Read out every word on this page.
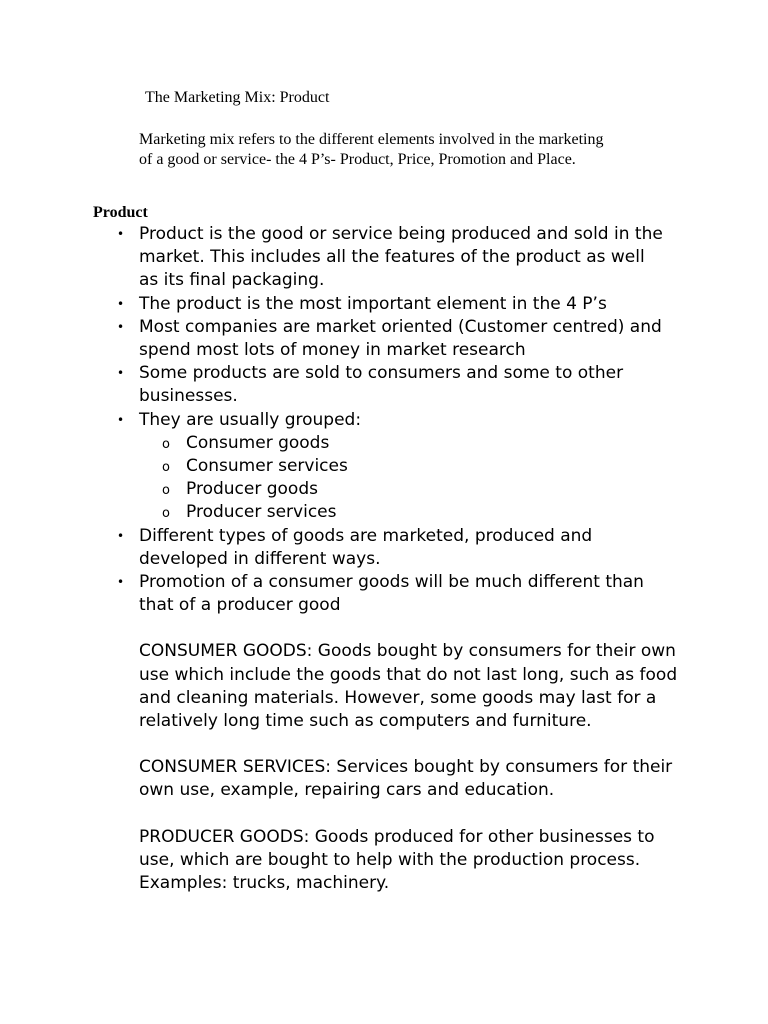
The Marketing Mix: Product
Marketing mix refers to the different elements involved in the marketing
of a good or service- the 4 P’s- Product, Price, Promotion and Place.
Product
• Product is the good or service being produced and sold in the market. This includes all the features of the product as well as its final packaging.
• The product is the most important element in the 4 P’s
• Most companies are market oriented (Customer centred) and spend most lots of money in market research
• Some products are sold to consumers and some to other businesses.
• They are usually grouped:
o Consumer goods
o Consumer services
o Producer goods
o Producer services
• Different types of goods are marketed, produced and developed in different ways.
• Promotion of a consumer goods will be much different than that of a producer good
CONSUMER GOODS: Goods bought by consumers for their own
use which include the goods that do not last long, such as food
and cleaning materials. However, some goods may last for a
relatively long time such as computers and furniture.
CONSUMER SERVICES: Services bought by consumers for their
own use, example, repairing cars and education.
PRODUCER GOODS: Goods produced for other businesses to
use, which are bought to help with the production process.
Examples: trucks, machinery.
